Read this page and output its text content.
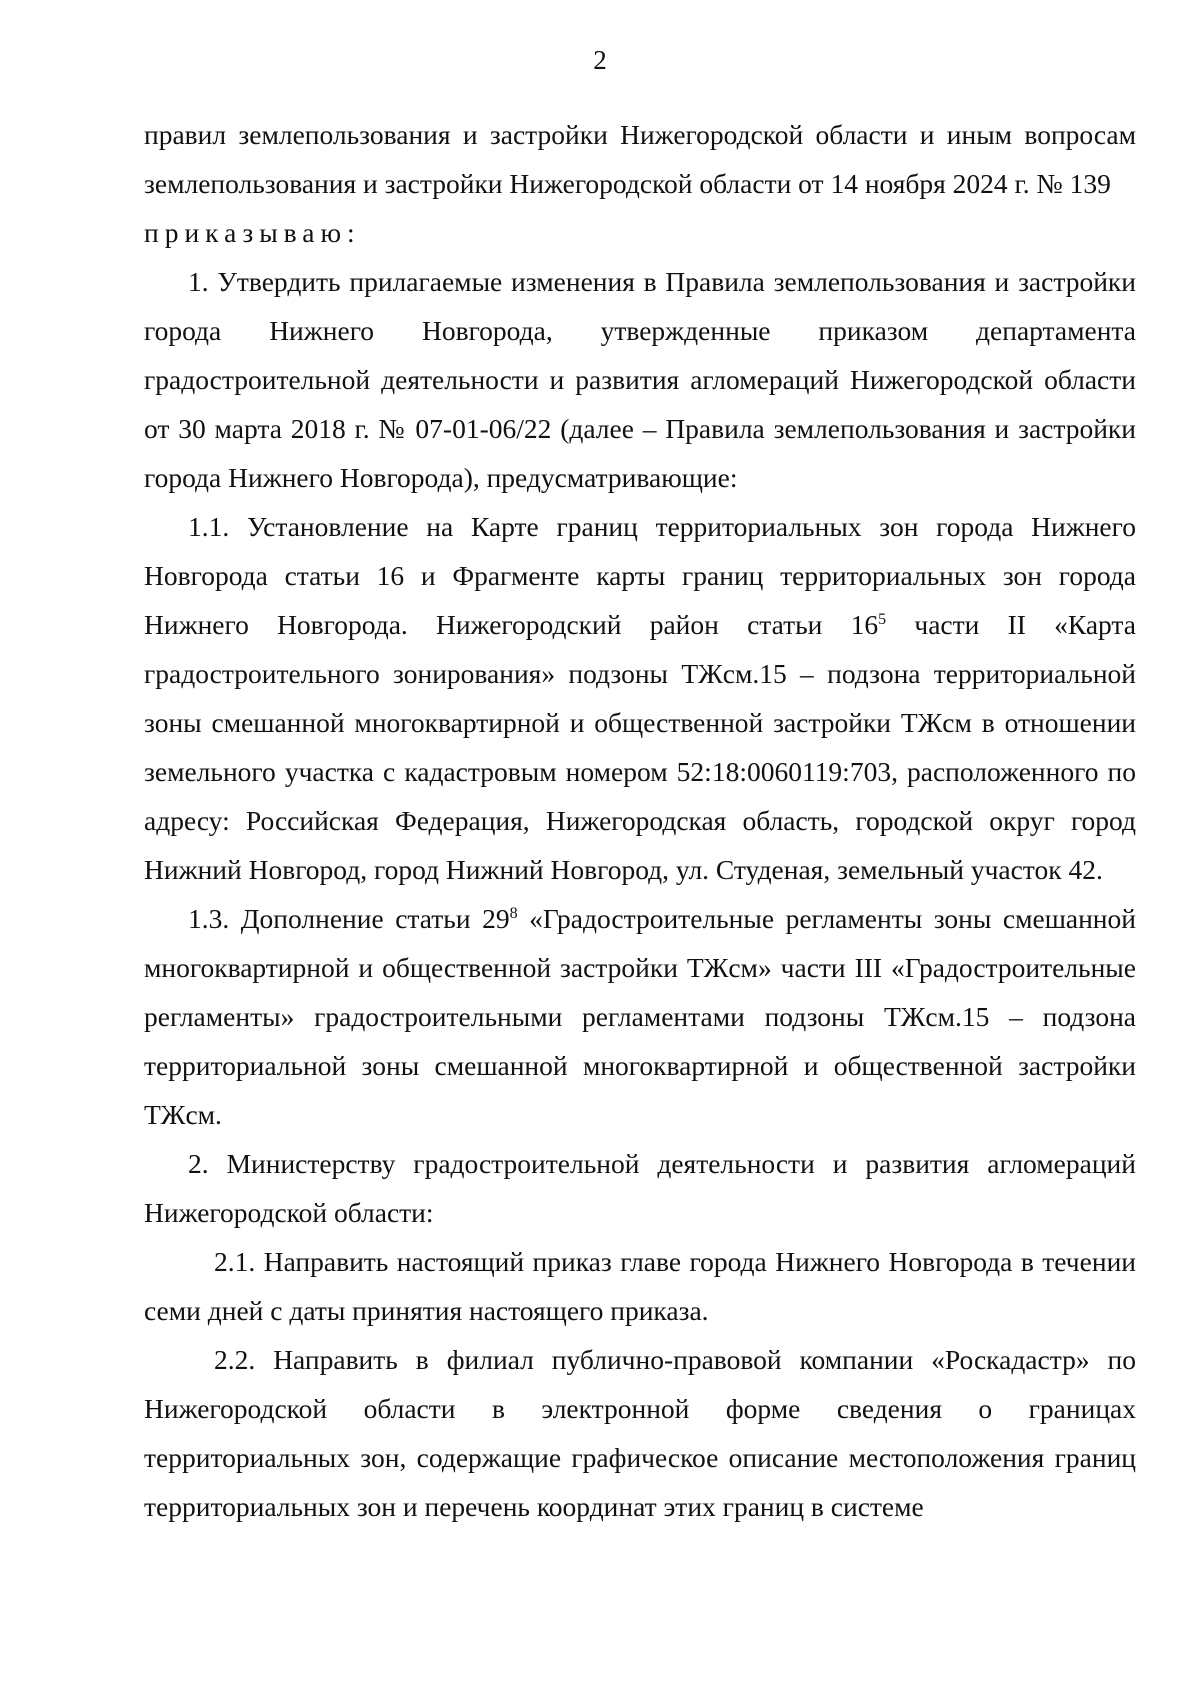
2

правил землепользования и застройки Нижегородской области и иным вопросам землепользования и застройки Нижегородской области от 14 ноября 2024 г. № 139

приказываю:

1. Утвердить прилагаемые изменения в Правила землепользования и застройки города Нижнего Новгорода, утвержденные приказом департамента градостроительной деятельности и развития агломераций Нижегородской области от 30 марта 2018 г. № 07-01-06/22 (далее – Правила землепользования и застройки города Нижнего Новгорода), предусматривающие:

1.1. Установление на Карте границ территориальных зон города Нижнего Новгорода статьи 16 и Фрагменте карты границ территориальных зон города Нижнего Новгорода. Нижегородский район статьи $16^5$ части II «Карта градостроительного зонирования» подзоны ТЖсм.15 – подзона территориальной зоны смешанной многоквартирной и общественной застройки ТЖсм в отношении земельного участка с кадастровым номером 52:18:0060119:703, расположенного по адресу: Российская Федерация, Нижегородская область, городской округ город Нижний Новгород, город Нижний Новгород, ул. Студеная, земельный участок 42.

1.3. Дополнение статьи $29^8$ «Градостроительные регламенты зоны смешанной многоквартирной и общественной застройки ТЖсм» части III «Градостроительные регламенты» градостроительными регламентами подзоны ТЖсм.15 – подзона территориальной зоны смешанной многоквартирной и общественной застройки ТЖсм.

2. Министерству градостроительной деятельности и развития агломераций Нижегородской области:

2.1. Направить настоящий приказ главе города Нижнего Новгорода в течении семи дней с даты принятия настоящего приказа.

2.2. Направить в филиал публично-правовой компании «Роскадастр» по Нижегородской области в электронной форме сведения о границах территориальных зон, содержащие графическое описание местоположения границ территориальных зон и перечень координат этих границ в системе
